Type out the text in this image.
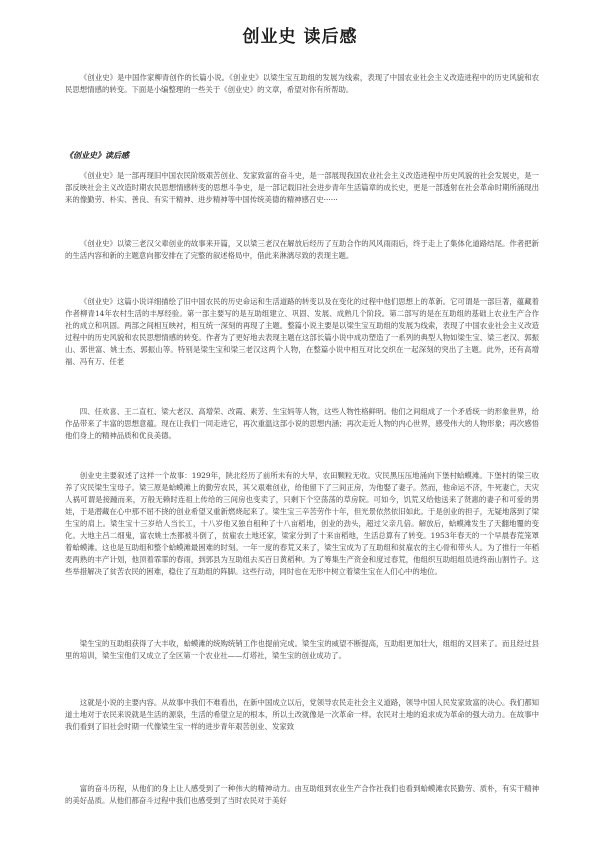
创业史 读后感

《创业史》是中国作家柳青创作的长篇小说。《创业史》以梁生宝互助组的发展为线索，表现了中国农业社会主义改造进程中的历史风貌和农民思想情感的转变。下面是小编整理的一些关于《创业史》的文章，希望对你有所帮助。

《创业史》读后感

《创业史》是一部再现旧中国农民阶级艰苦创业、发家致富的奋斗史，是一部展现我国农业社会主义改造进程中历史风貌的社会发展史，是一部反映社会主义改造时期农民思想情感转变的思想斗争史，是一部记载旧社会进步青年生活篇章的成长史，更是一部透射在社会革命时期所涌现出来的像勤劳、朴实、善良、有实干精神、进步精神等中国传统美德的精神感召史······

《创业史》以梁三老汉父辈创业的故事来开篇，又以梁三老汉在解放后经历了互助合作的风风雨雨后，终于走上了集体化道路结尾。作者把新的生活内容和新的主题意向都安排在了完整的叙述格局中，借此来淋漓尽致的表现主题。

《创业史》这篇小说详细描绘了旧中国农民的历史命运和生活道路的转变以及在变化的过程中他们思想上的革新。它可谓是一部巨著，蕴藏着作者柳青14年农村生活的丰厚经验。第一部主要写的是互助组建立、巩固、发展、成熟几个阶段。第二部写的是在互助组的基础上农业生产合作社的成立和巩固。两部之间相互映衬，相互统一深刻的再现了主题。整篇小说主要是以梁生宝互助组的发展为线索，表现了中国农业社会主义改造过程中的历史风貌和农民思想情感的转变。作者为了更好地去表现主题在这部长篇小说中成功塑造了一系列的典型人物如梁生宝、梁三老汉、郭振山、郭世富、姚士杰、郭振山等。特别是梁生宝和梁三老汉这两个人物，在整篇小说中相互对比交织在一起深刻的突出了主题。此外，还有高增福、冯有万、任老

四、任欢喜、王二直杠、梁大老汉、高增荣、改霞、素芳、生宝妈等人物，这些人物性格鲜明。他们之间组成了一个矛盾统一的形象世界，给作品带来了丰富的思想意蕴。现在让我们一同走进它，再次重温这部小说的思想内涵；再次走近人物的内心世界，感受伟大的人物形象；再次感悟他们身上的精神品质和优良美德。

创业史主要叙述了这样一个故事：1929年，陕北经历了前所未有的大旱，农田颗粒无收。灾民黑压压地涌向下堡村蛤蟆滩。下堡村的梁三收养了灾民梁生宝母子。梁三原是蛤蟆滩上的勤劳农民，其父艰难创业，给他留下了三间正房，为他娶了妻子。然而，他命运不济，牛死妻亡，天灾人祸可谓是接踵而来，万般无赖时连祖上传给的三间房也变卖了，只剩下个空荡荡的草房院。可如今，饥荒又给他送来了贤惠的妻子和可爱的男娃，于是潜藏在心中那不屈不挠的创业希望又重新燃烧起来了。梁生宝三辛苦劳作十年，但光景依然依旧如此。于是创业的担子，无疑地落到了梁生宝的肩上。梁生宝十三岁给人当长工，十八岁他又独自租种了十八亩稻地，创业的劲头，超过父亲几倍。解放后，蛤蟆滩发生了天翻地覆的变化。大地主吕二细鬼，富农姚士杰都被斗倒了，贫雇农土地还家，梁家分到了十来亩稻地，生活总算有了转变。1953年春天的一个早晨春荒笼罩着蛤蟆滩。这也是互助组和整个蛤蟆滩最困难的时刻。一年一度的春荒又来了，梁生宝成为了互助组和贫雇农的主心骨和带头人。为了推行一年稻麦两熟的丰产计划，他顶着霏霏的春雨，到郭县为互助组去买百日黄稻种。为了筹集生产资金和度过春荒，他组织互助组组员进终南山割竹子。这些举措解决了贫苦农民的困难，稳住了互助组的阵脚。这些行动，同时也在无形中树立着梁生宝在人们心中的地位。

梁生宝的互助组获得了大丰收，蛤蟆滩的统购统销工作也提前完成。梁生宝的威望不断提高，互助组更加壮大，组组的又回来了。而且经过县里的培训，梁生宝他们又成立了全区第一个农业社——灯塔社，梁生宝的创业成功了。

这就是小说的主要内容。从故事中我们不难看出，在新中国成立以后，党领导农民走社会主义道路，领导中国人民发家致富的决心。我们都知道土地对于农民来说就是生活的源泉，生活的希望立足的根本，所以土改就像是一次革命一样。农民对土地的追求成为革命的强大动力。在故事中我们看到了旧社会时期一代像梁生宝一样的进步青年艰苦创业、发家致

富的奋斗历程，从他们的身上让人感受到了一种伟大的精神动力。由互助组到农业生产合作社我们也看到蛤蟆滩农民勤劳、质朴，有实干精神的美好品质。从他们都奋斗过程中我们也感受到了当时农民对于美好
